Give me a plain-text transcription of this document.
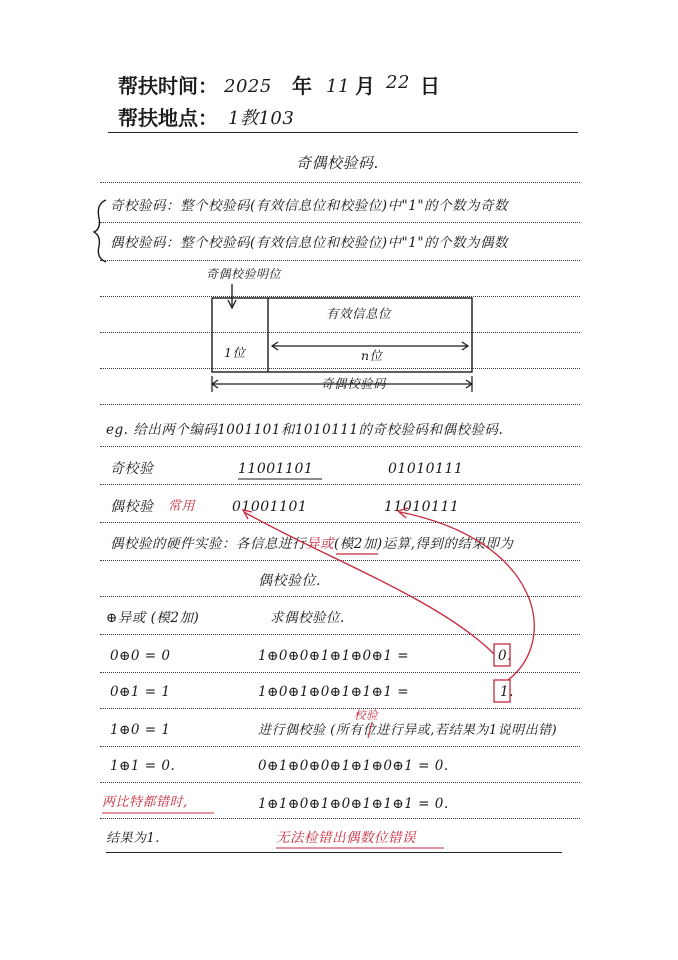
帮扶时间： 2025 年 11 月 22 日
帮扶地点： 1教103
奇偶校验码.
奇校验码：整个校验码(有效信息位和校验位)中"1"的个数为奇数
偶校验码：整个校验码(有效信息位和校验位)中"1"的个数为偶数
奇偶校验明位
有效信息位
1位	n位
奇偶校验码
eg. 给出两个编码1001101和1010111的奇校验码和偶校验码.
奇校验	11001101	01010111
偶校验 常用	01001101	11010111
偶校验的硬件实验：各信息进行异或(模2加)运算,得到的结果即为
偶校验位.
⊕异或 (模2加)	求偶校验位.
0⊕0 = 0	1⊕0⊕0⊕1⊕1⊕0⊕1 =	0.
0⊕1 = 1	1⊕0⊕1⊕0⊕1⊕1⊕1 =	1.
校验
1⊕0 = 1	进行偶校验 (所有位进行异或,若结果为1说明出错)
1⊕1 = 0.	0⊕1⊕0⊕0⊕1⊕1⊕0⊕1 = 0.
两比特都错时,	1⊕1⊕0⊕1⊕0⊕1⊕1⊕1 = 0.
结果为1.	无法检错出偶数位错误
